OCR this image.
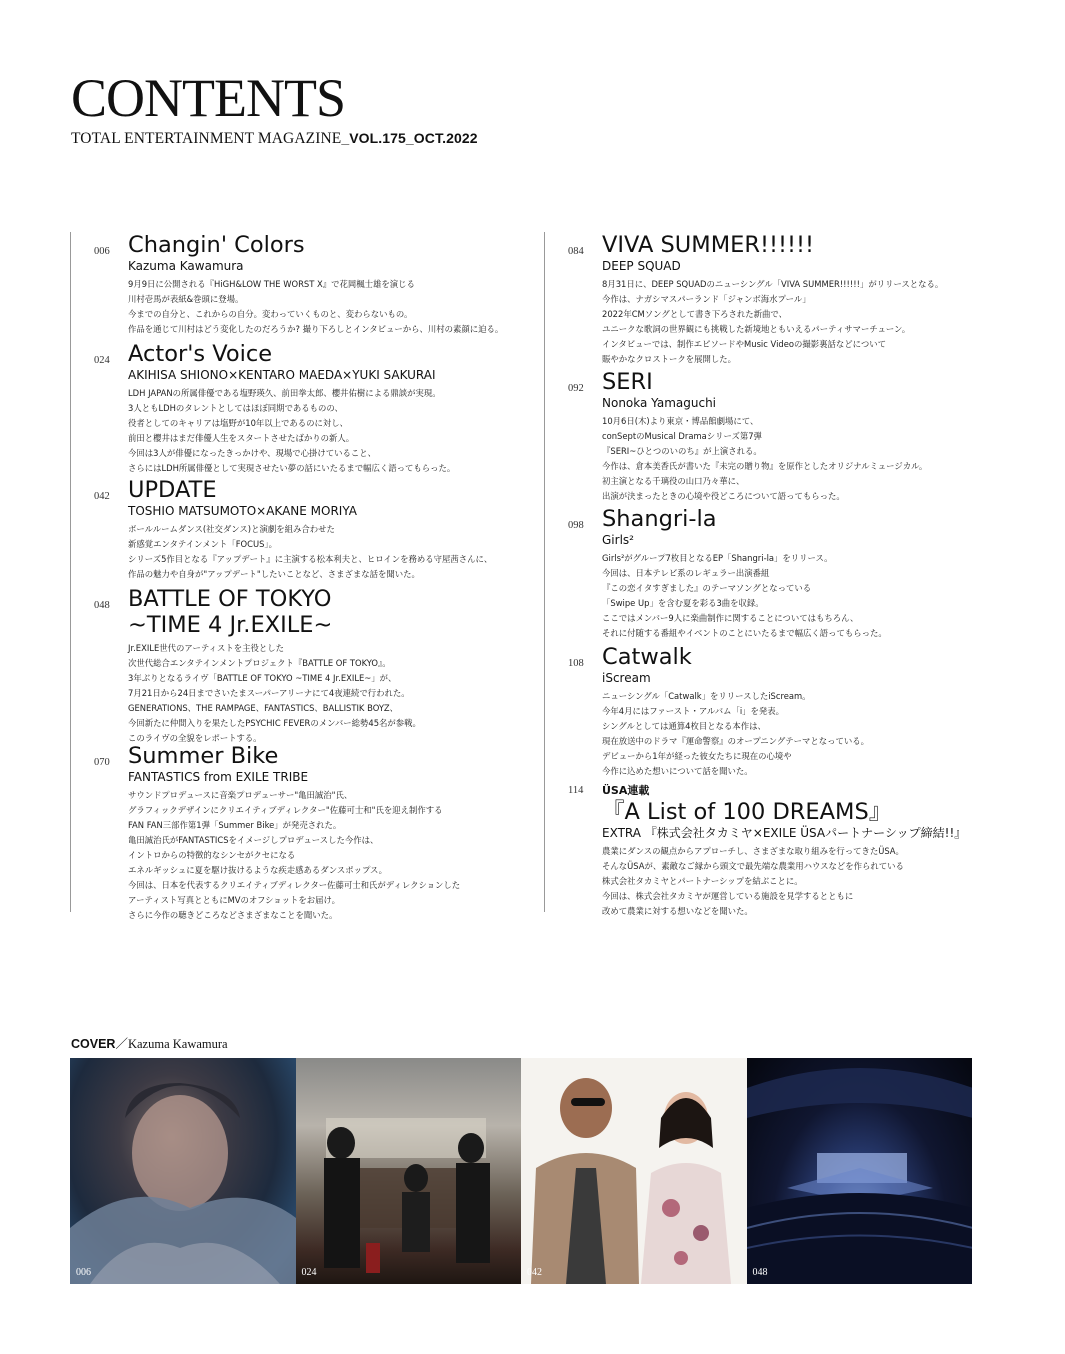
CONTENTS
TOTAL ENTERTAINMENT MAGAZINE_VOL.175_OCT.2022
006 Changin' Colors
Kazuma Kawamura
9月9日に公開される『HiGH&LOW THE WORST X』で花岡楓士雄を演じる
川村壱馬が表紙&巻頭に登場。
今までの自分と、これからの自分。変わっていくものと、変わらないもの。
作品を通じて川村はどう変化したのだろうか? 撮り下ろしとインタビューから、川村の素顔に迫る。
024 Actor's Voice
AKIHISA SHIONO×KENTARO MAEDA×YUKI SAKURAI
LDH JAPANの所属俳優である塩野瑛久、前田拳太郎、櫻井佑樹による鼎談が実現。
3人ともLDHのタレントとしてはほぼ同期であるものの、
役者としてのキャリアは塩野が10年以上であるのに対し、
前田と櫻井はまだ俳優人生をスタートさせたばかりの新人。
今回は3人が俳優になったきっかけや、現場で心掛けていること、
さらにはLDH所属俳優として実現させたい夢の話にいたるまで幅広く語ってもらった。
042 UPDATE
TOSHIO MATSUMOTO×AKANE MORIYA
ボールルームダンス(社交ダンス)と演劇を組み合わせた
新感覚エンタテインメント「FOCUS」。
シリーズ5作目となる『アップデート』に主演する松本利夫と、ヒロインを務める守屋茜さんに、
作品の魅力や自身が"アップデート"したいことなど、さまざまな話を聞いた。
048 BATTLE OF TOKYO
~TIME 4 Jr.EXILE~
Jr.EXILE世代のアーティストを主役とした
次世代総合エンタテインメントプロジェクト『BATTLE OF TOKYO』。
3年ぶりとなるライヴ「BATTLE OF TOKYO ~TIME 4 Jr.EXILE~」が、
7月21日から24日までさいたまスーパーアリーナにて4夜連続で行われた。
GENERATIONS、THE RAMPAGE、FANTASTICS、BALLISTIK BOYZ、
今回新たに仲間入りを果たしたPSYCHIC FEVERのメンバー総勢45名が参戦。
このライヴの全貌をレポートする。
070 Summer Bike
FANTASTICS from EXILE TRIBE
サウンドプロデュースに音楽プロデューサー"亀田誠治"氏、
グラフィックデザインにクリエイティブディレクター"佐藤可士和"氏を迎え制作する
FAN FAN三部作第1弾「Summer Bike」が発売された。
亀田誠治氏がFANTASTICSをイメージしプロデュースした今作は、
イントロからの特徴的なシンセがクセになる
エネルギッシュに夏を駆け抜けるような疾走感あるダンスポップス。
今回は、日本を代表するクリエイティブディレクター佐藤可士和氏がディレクションした
アーティスト写真とともにMVのオフショットをお届け。
さらに今作の聴きどころなどさまざまなことを聞いた。
084 VIVA SUMMER!!!!!!
DEEP SQUAD
8月31日に、DEEP SQUADのニューシングル「VIVA SUMMER!!!!!!」がリリースとなる。
今作は、ナガシマスパーランド「ジャンボ海水プール」
2022年CMソングとして書き下ろされた新曲で、
ユニークな歌詞の世界観にも挑戦した新境地ともいえるパーティサマーチューン。
インタビューでは、制作エピソードやMusic Videoの撮影裏話などについて
賑やかなクロストークを展開した。
092 SERI
Nonoka Yamaguchi
10月6日(木)より東京・博品館劇場にて、
conSeptのMusical Dramaシリーズ第7弾
『SERI~ひとつのいのち』が上演される。
今作は、倉本美香氏が書いた『未完の贈り物』を原作としたオリジナルミュージカル。
初主演となる千璃役の山口乃々華に、
出演が決まったときの心境や役どころについて語ってもらった。
098 Shangri-la
Girls²
Girls²がグループ7枚目となるEP「Shangri-la」をリリース。
今回は、日本テレビ系のレギュラー出演番組
『この恋イタすぎました』のテーマソングとなっている
「Swipe Up」を含む夏を彩る3曲を収録。
ここではメンバー9人に楽曲制作に関することについてはもちろん、
それに付随する番組やイベントのことにいたるまで幅広く語ってもらった。
108 Catwalk
iScream
ニューシングル「Catwalk」をリリースしたiScream。
今年4月にはファースト・アルバム「i」を発表。
シングルとしては通算4枚目となる本作は、
現在放送中のドラマ『運命警察』のオープニングテーマとなっている。
デビューから1年が経った彼女たちに現在の心境や
今作に込めた想いについて話を聞いた。
114 ÜSA連載
『A List of 100 DREAMS』
EXTRA 『株式会社タカミヤ×EXILE ÜSAパートナーシップ締結!!』
農業にダンスの観点からアプローチし、さまざまな取り組みを行ってきたÜSA。
そんなÜSAが、素敵なご縁から頭文で最先端な農業用ハウスなどを作られている
株式会社タカミヤとパートナーシップを結ぶことに。
今回は、株式会社タカミヤが運営している施設を見学するとともに
改めて農業に対する想いなどを聞いた。
COVER／Kazuma Kawamura
006	024	042	048
